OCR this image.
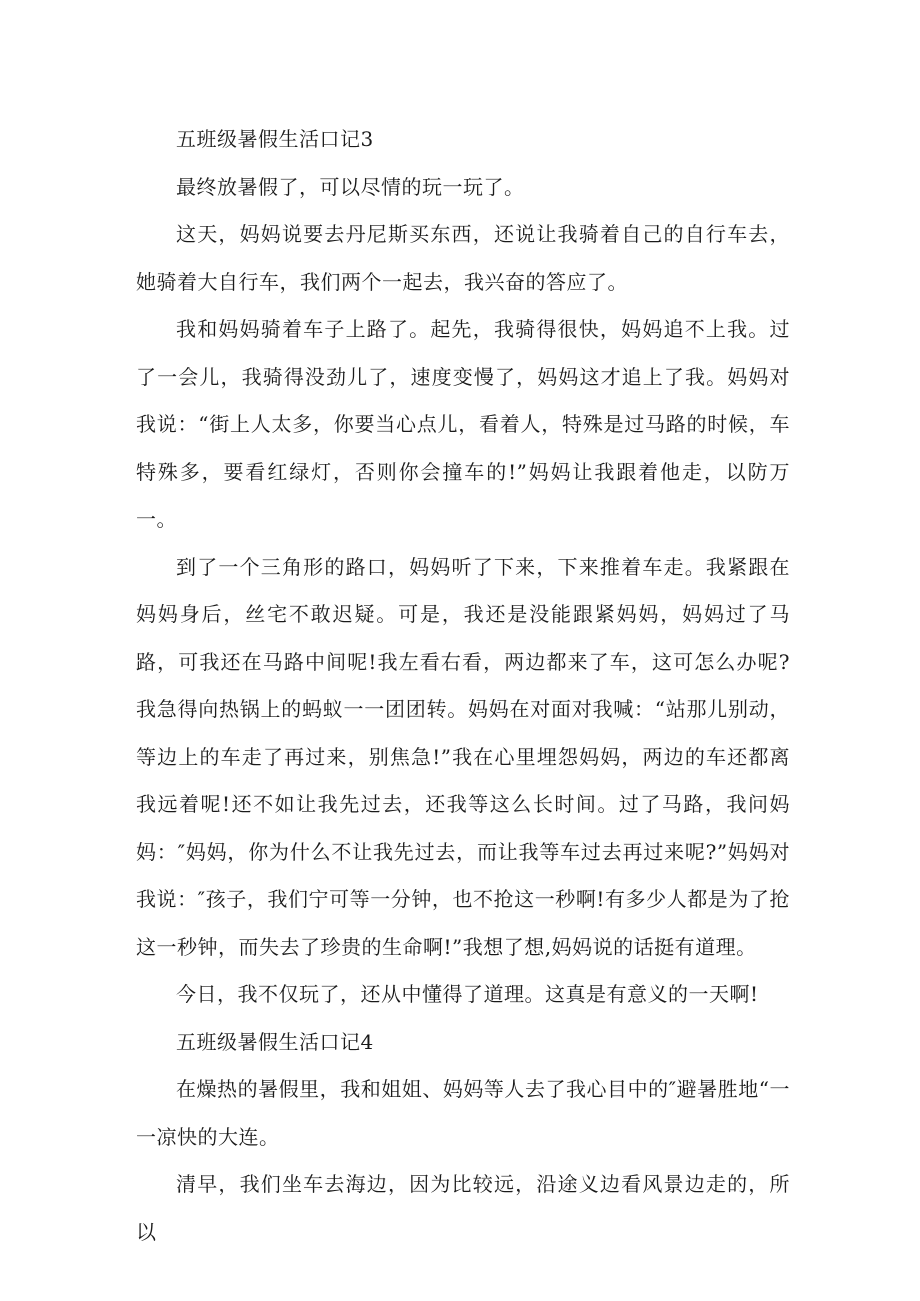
五班级暑假生活口记3

最终放暑假了，可以尽情的玩一玩了。

这天，妈妈说要去丹尼斯买东西，还说让我骑着自己的自行车去，她骑着大自行车，我们两个一起去，我兴奋的答应了。

我和妈妈骑着车子上路了。起先，我骑得很快，妈妈追不上我。过了一会儿，我骑得没劲儿了，速度变慢了，妈妈这才追上了我。妈妈对我说：“街上人太多，你要当心点儿，看着人，特殊是过马路的时候，车特殊多，要看红绿灯，否则你会撞车的!”妈妈让我跟着他走，以防万一。

到了一个三角形的路口，妈妈听了下来，下来推着车走。我紧跟在妈妈身后，丝宅不敢迟疑。可是，我还是没能跟紧妈妈，妈妈过了马路，可我还在马路中间呢!我左看右看，两边都来了车，这可怎么办呢?我急得向热锅上的蚂蚁一一团团转。妈妈在对面对我喊：“站那儿别动，等边上的车走了再过来，别焦急!”我在心里埋怨妈妈，两边的车还都离我远着呢!还不如让我先过去，还我等这么长时间。过了马路，我问妈妈：″妈妈，你为什么不让我先过去，而让我等车过去再过来呢?”妈妈对我说：″孩子，我们宁可等一分钟，也不抢这一秒啊!有多少人都是为了抢这一秒钟，而失去了珍贵的生命啊!”我想了想,妈妈说的话挺有道理。

今日，我不仅玩了，还从中懂得了道理。这真是有意义的一天啊!

五班级暑假生活口记4

在燥热的暑假里，我和姐姐、妈妈等人去了我心目中的″避暑胜地“一一凉快的大连。

清早，我们坐车去海边，因为比较远，沿途义边看风景边走的，所以
